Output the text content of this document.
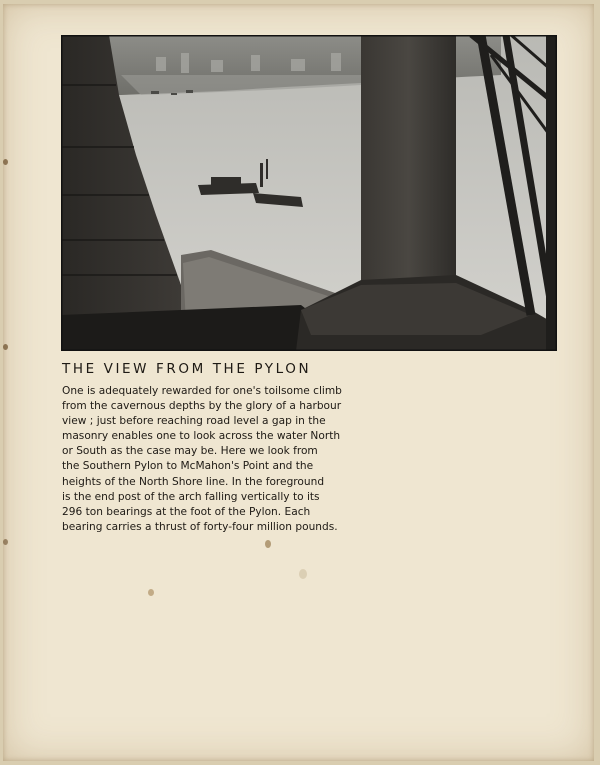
THE VIEW FROM THE PYLON
One is adequately rewarded for one's toilsome climb
from the cavernous depths by the glory of a harbour
view ; just before reaching road level a gap in the
masonry enables one to look across the water North
or South as the case may be. Here we look from
the Southern Pylon to McMahon's Point and the
heights of the North Shore line. In the foreground
is the end post of the arch falling vertically to its
296 ton bearings at the foot of the Pylon. Each
bearing carries a thrust of forty-four million pounds.
